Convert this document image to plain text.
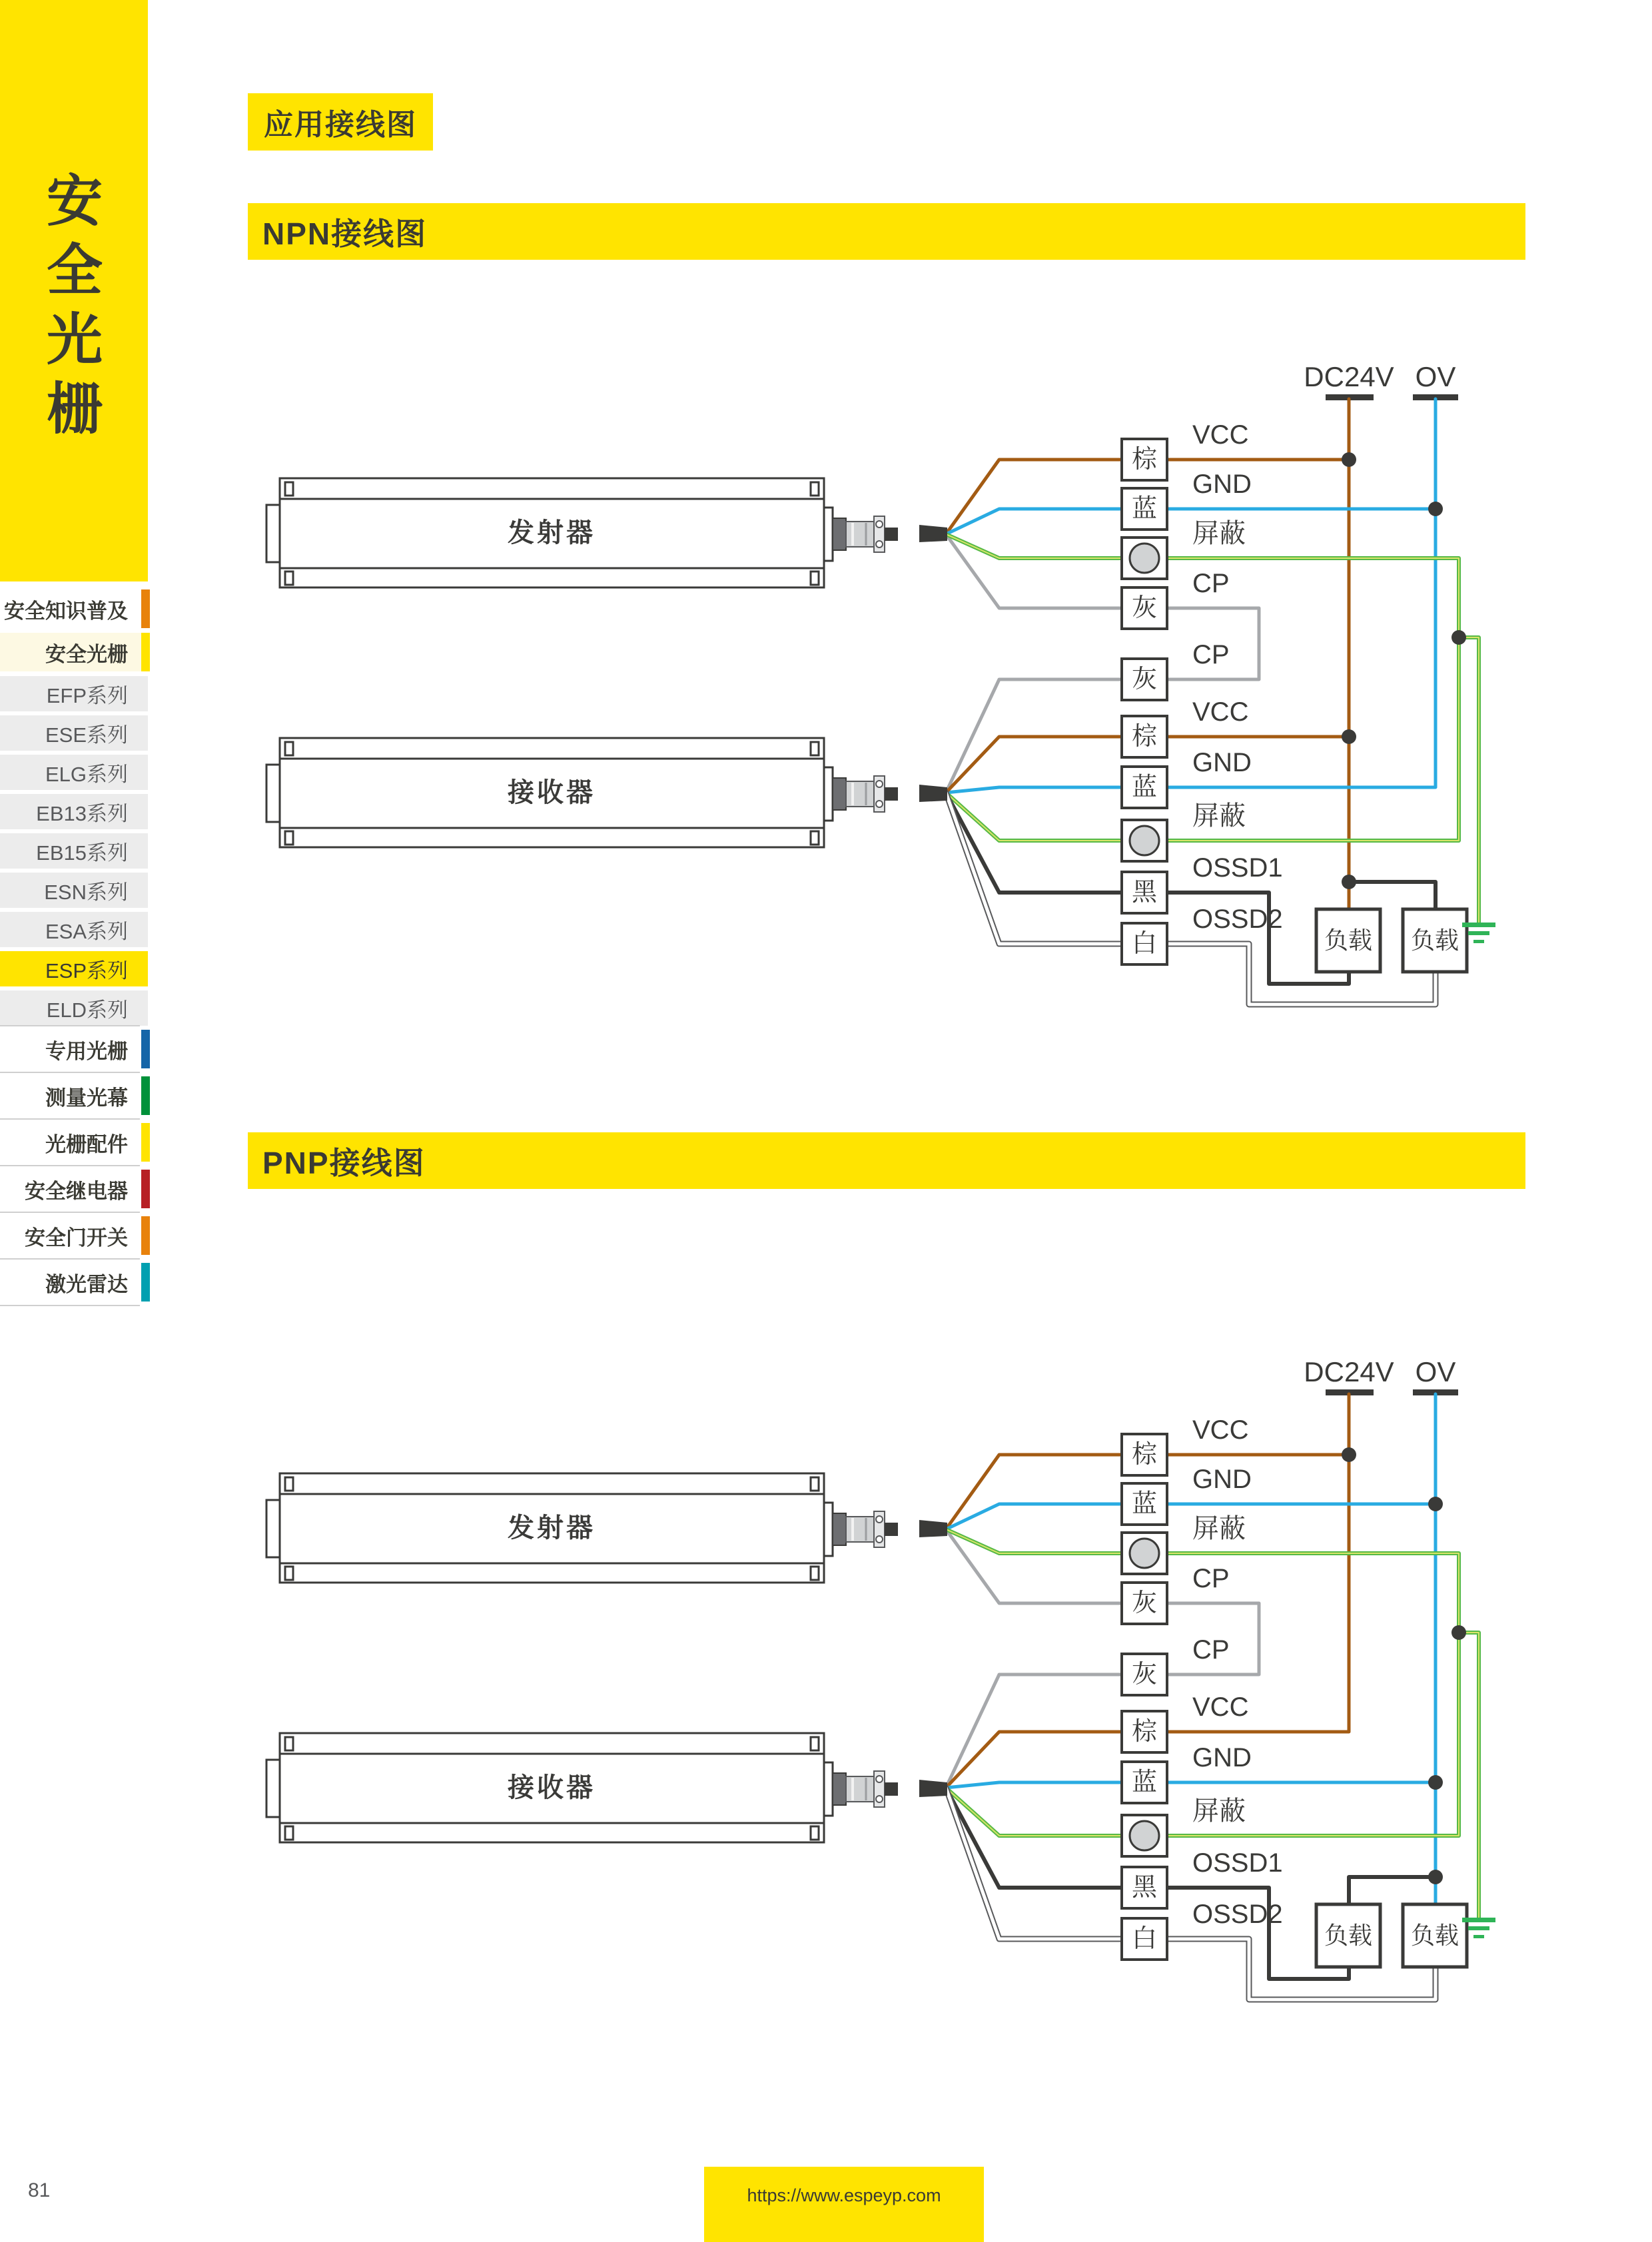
安全光栅
安全知识普及
安全光栅
EFP系列
ESE系列
ELG系列
EB13系列
EB15系列
ESN系列
ESA系列
ESP系列
ELD系列
专用光栅
测量光幕
光栅配件
安全继电器
安全门开关
激光雷达
应用接线图
NPN接线图
PNP接线图
DC24V OV
发射器
接收器
棕
VCC
蓝
GND
屏蔽
灰
CP
灰
CP
棕
VCC
蓝
GND
屏蔽
黑
OSSD1
白
OSSD2
负载 负载
DC24V OV
发射器
接收器
棕
VCC
蓝
GND
屏蔽
灰
CP
灰
CP
棕
VCC
蓝
GND
屏蔽
黑
OSSD1
白
OSSD2
负载 负载
81	https://www.espeyp.com
